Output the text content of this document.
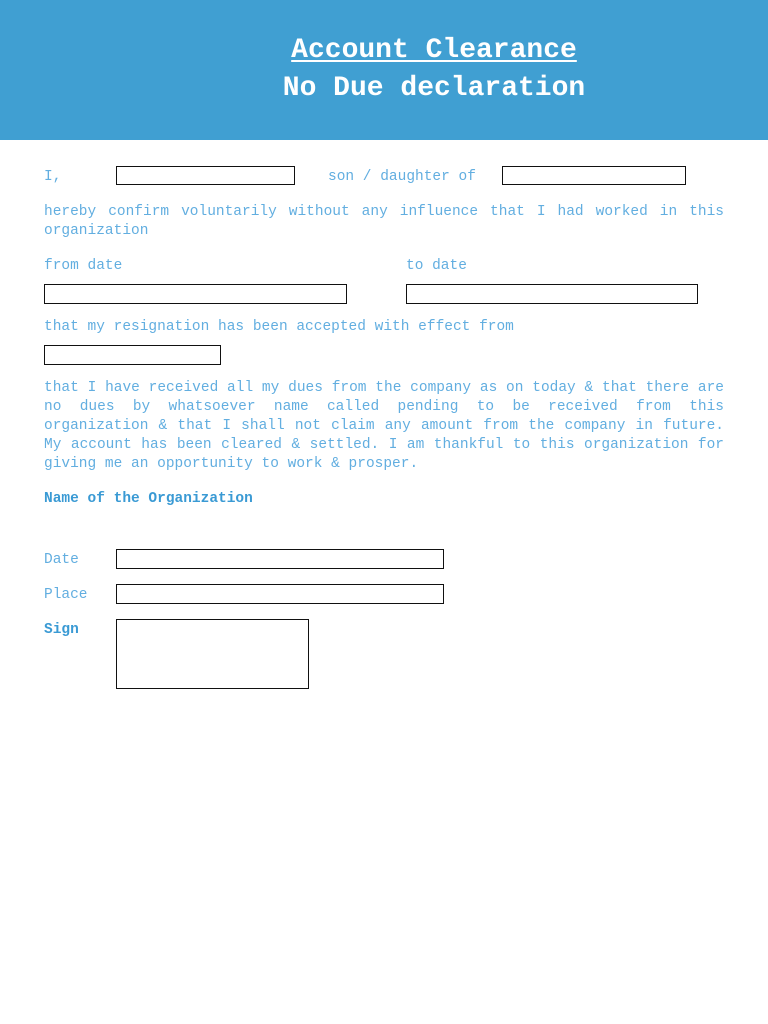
Account Clearance
No Due declaration
I,	son / daughter of
hereby confirm voluntarily without any influence that I had worked in this organization
from date	to date
that my resignation has been accepted with effect from
that I have received all my dues from the company as on today & that there are no dues by whatsoever name called pending to be received from this organization & that I shall not claim any amount from the company in future. My account has been cleared & settled. I am thankful to this organization for giving me an opportunity to work & prosper.
Name of the Organization
Date
Place
Sign
